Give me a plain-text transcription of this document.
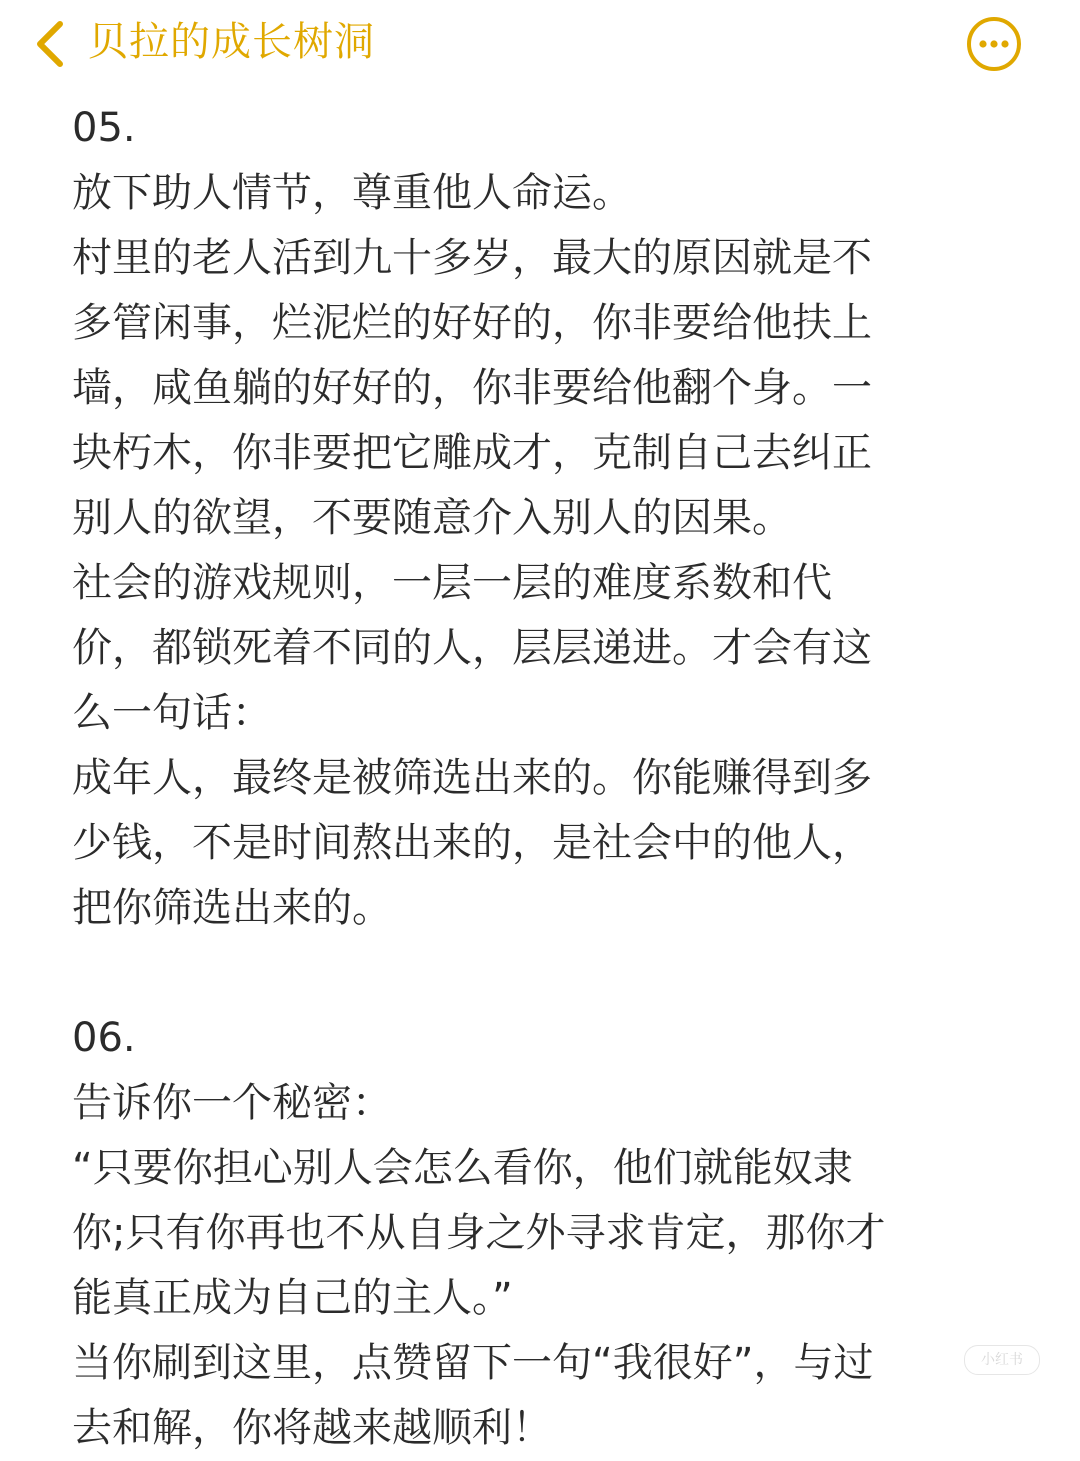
贝拉的成长树洞
05.
放下助人情节，尊重他人命运。
村里的老人活到九十多岁，最大的原因就是不
多管闲事，烂泥烂的好好的，你非要给他扶上
墙，咸鱼躺的好好的，你非要给他翻个身。一
块朽木，你非要把它雕成才，克制自己去纠正
别人的欲望，不要随意介入别人的因果。
社会的游戏规则，一层一层的难度系数和代
价，都锁死着不同的人，层层递进。才会有这
么一句话：
成年人，最终是被筛选出来的。你能赚得到多
少钱，不是时间熬出来的，是社会中的他人，
把你筛选出来的。
06.
告诉你一个秘密：
“只要你担心别人会怎么看你，他们就能奴隶
你;只有你再也不从自身之外寻求肯定，那你才
能真正成为自己的主人。”
当你刷到这里，点赞留下一句“我很好”，与过
去和解，你将越来越顺利！
小红书
